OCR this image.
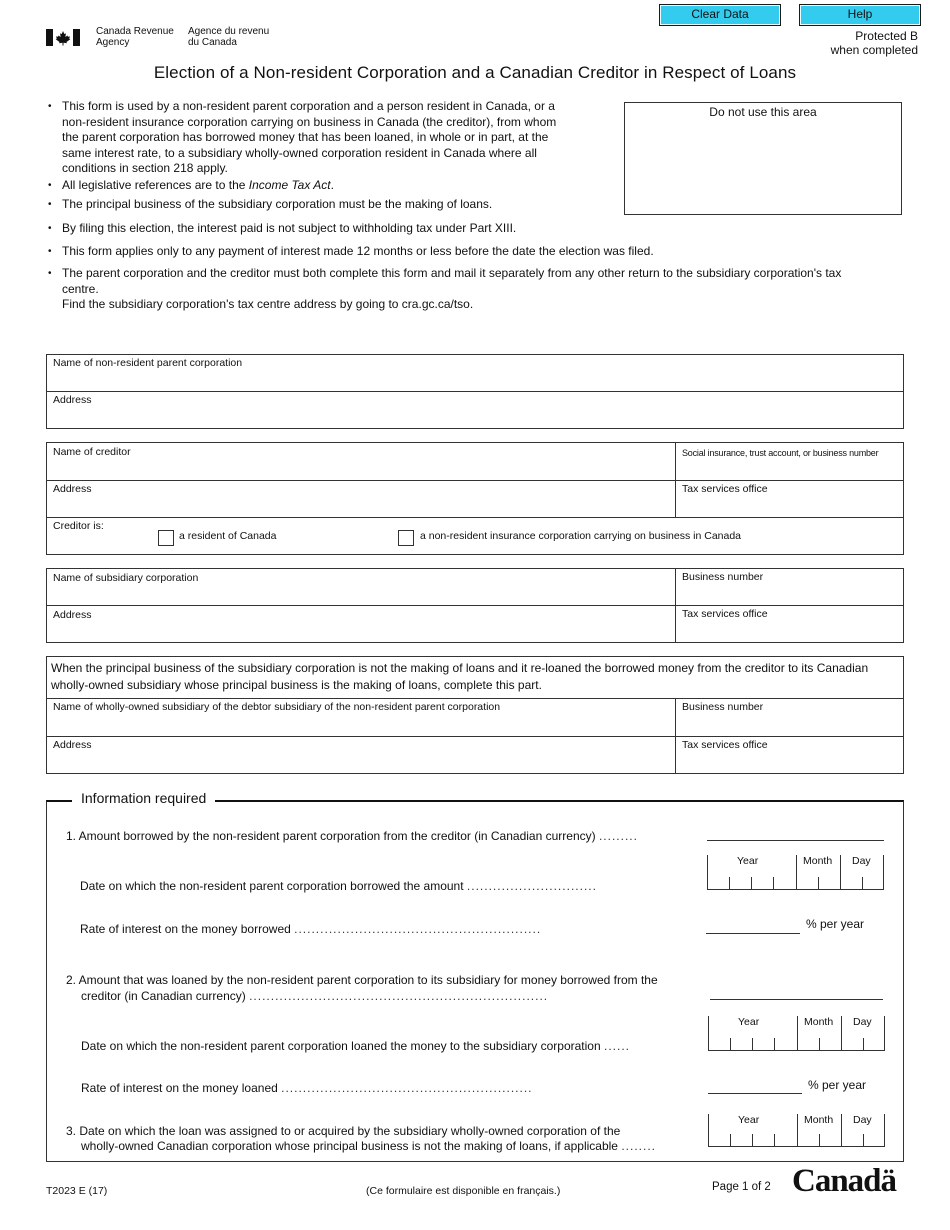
Clear Data	Help
Canada Revenue
Agency
Agence du revenu
du Canada	Protected B
when completed
Election of a Non-resident Corporation and a Canadian Creditor in Respect of Loans
• This form is used by a non-resident parent corporation and a person resident in Canada, or a
non-resident insurance corporation carrying on business in Canada (the creditor), from whom
the parent corporation has borrowed money that has been loaned, in whole or in part, at the
same interest rate, to a subsidiary wholly-owned corporation resident in Canada where all
conditions in section 218 apply.
• All legislative references are to the Income Tax Act.
• The principal business of the subsidiary corporation must be the making of loans.
• By filing this election, the interest paid is not subject to withholding tax under Part XIII.
• This form applies only to any payment of interest made 12 months or less before the date the election was filed.
• The parent corporation and the creditor must both complete this form and mail it separately from any other return to the subsidiary corporation's tax
centre.
Find the subsidiary corporation's tax centre address by going to cra.gc.ca/tso.
Do not use this area
Name of non-resident parent corporation
Address
Name of creditor	Social insurance, trust account, or business number
Address	Tax services office
Creditor is:
a resident of Canada	a non-resident insurance corporation carrying on business in Canada
Name of subsidiary corporation	Business number
Address	Tax services office
When the principal business of the subsidiary corporation is not the making of loans and it re-loaned the borrowed money from the creditor to its Canadian
wholly-owned subsidiary whose principal business is the making of loans, complete this part.
Name of wholly-owned subsidiary of the debtor subsidiary of the non-resident parent corporation	Business number
Address	Tax services office
Information required
1. Amount borrowed by the non-resident parent corporation from the creditor (in Canadian currency) .........
Date on which the non-resident parent corporation borrowed the amount ..............................
Year	Month Day
Rate of interest on the money borrowed .........................................................	% per year
2. Amount that was loaned by the non-resident parent corporation to its subsidiary for money borrowed from the
creditor (in Canadian currency) .....................................................................
Date on which the non-resident parent corporation loaned the money to the subsidiary corporation ......
Year	Month Day
Rate of interest on the money loaned ..........................................................	% per year
3. Date on which the loan was assigned to or acquired by the subsidiary wholly-owned corporation of the
wholly-owned Canadian corporation whose principal business is not the making of loans, if applicable ........
Year	Month Day
T2023 E (17)	(Ce formulaire est disponible en français.)	Page 1 of 2 Canadä
